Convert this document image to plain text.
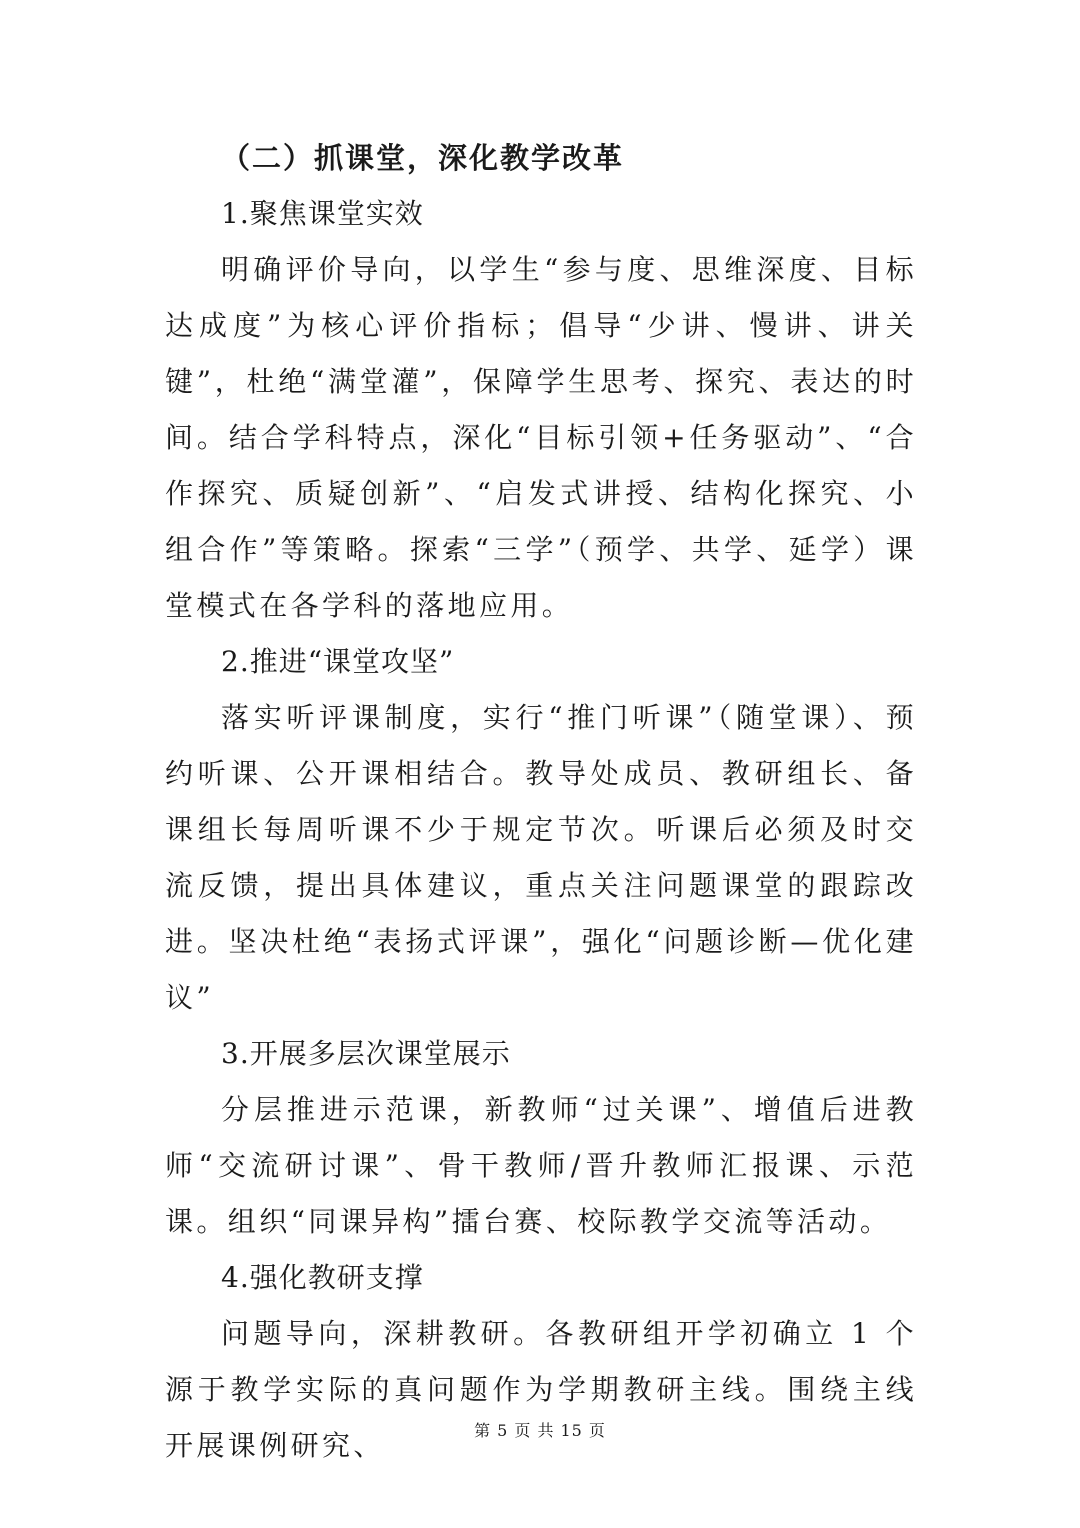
（二）抓课堂，深化教学改革
1.聚焦课堂实效

明确评价导向，以学生“参与度、思维深度、目标达成度”为核心评价指标；倡导“少讲、慢讲、讲关键”，杜绝“满堂灌”，保障学生思考、探究、表达的时间。结合学科特点，深化“目标引领+任务驱动”、“合作探究、质疑创新”、“启发式讲授、结构化探究、小组合作”等策略。探索“三学”（预学、共学、延学）课堂模式在各学科的落地应用。

2.推进“课堂攻坚”

落实听评课制度，实行“推门听课”（随堂课）、预约听课、公开课相结合。教导处成员、教研组长、备课组长每周听课不少于规定节次。听课后必须及时交流反馈，提出具体建议，重点关注问题课堂的跟踪改进。坚决杜绝“表扬式评课”，强化“问题诊断—优化建议”

3.开展多层次课堂展示

分层推进示范课，新教师“过关课”、增值后进教师“交流研讨课”、骨干教师/晋升教师汇报课、示范课。组织“同课异构”擂台赛、校际教学交流等活动。

4.强化教研支撑

问题导向，深耕教研。各教研组开学初确立 1 个源于教学实际的真问题作为学期教研主线。围绕主线开展课例研究、	第 5 页 共 15 页
